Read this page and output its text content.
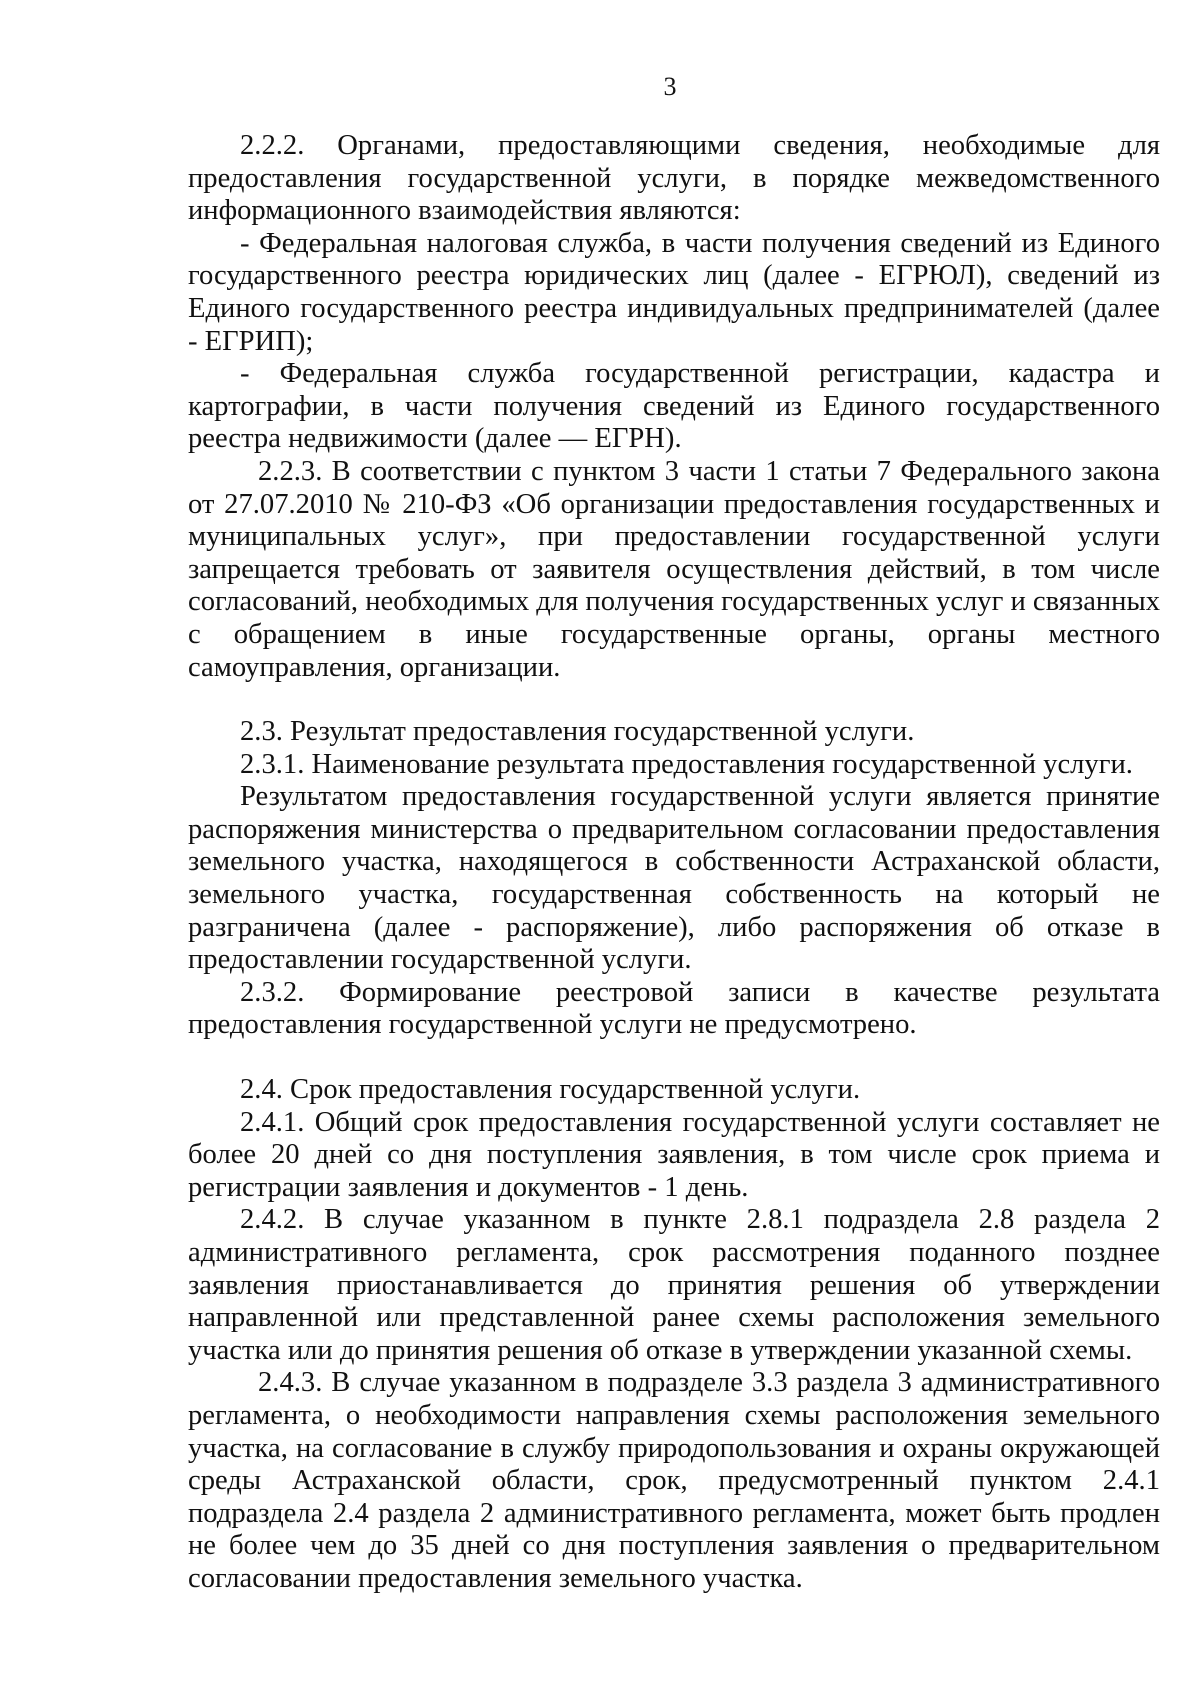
3

2.2.2. Органами, предоставляющими сведения, необходимые для предоставления государственной услуги, в порядке межведомственного информационного взаимодействия являются:

- Федеральная налоговая служба, в части получения сведений из Единого государственного реестра юридических лиц (далее - ЕГРЮЛ), сведений из Единого государственного реестра индивидуальных предпринимателей (далее - ЕГРИП);

- Федеральная служба государственной регистрации, кадастра и картографии, в части получения сведений из Единого государственного реестра недвижимости (далее — ЕГРН).

2.2.3. В соответствии с пунктом 3 части 1 статьи 7 Федерального закона от 27.07.2010 № 210-ФЗ «Об организации предоставления государственных и муниципальных услуг», при предоставлении государственной услуги запрещается требовать от заявителя осуществления действий, в том числе согласований, необходимых для получения государственных услуг и связанных с обращением в иные государственные органы, органы местного самоуправления, организации.

2.3. Результат предоставления государственной услуги.

2.3.1. Наименование результата предоставления государственной услуги.

Результатом предоставления государственной услуги является принятие распоряжения министерства о предварительном согласовании предоставления земельного участка, находящегося в собственности Астраханской области, земельного участка, государственная собственность на который не разграничена (далее - распоряжение), либо распоряжения об отказе в предоставлении государственной услуги.

2.3.2. Формирование реестровой записи в качестве результата предоставления государственной услуги не предусмотрено.

2.4. Срок предоставления государственной услуги.

2.4.1. Общий срок предоставления государственной услуги составляет не более 20 дней со дня поступления заявления, в том числе срок приема и регистрации заявления и документов - 1 день.

2.4.2. В случае указанном в пункте 2.8.1 подраздела 2.8 раздела 2 административного регламента, срок рассмотрения поданного позднее заявления приостанавливается до принятия решения об утверждении направленной или представленной ранее схемы расположения земельного участка или до принятия решения об отказе в утверждении указанной схемы.

2.4.3. В случае указанном в подразделе 3.3 раздела 3 административного регламента, о необходимости направления схемы расположения земельного участка, на согласование в службу природопользования и охраны окружающей среды Астраханской области, срок, предусмотренный пунктом 2.4.1 подраздела 2.4 раздела 2 административного регламента, может быть продлен не более чем до 35 дней со дня поступления заявления о предварительном согласовании предоставления земельного участка.
